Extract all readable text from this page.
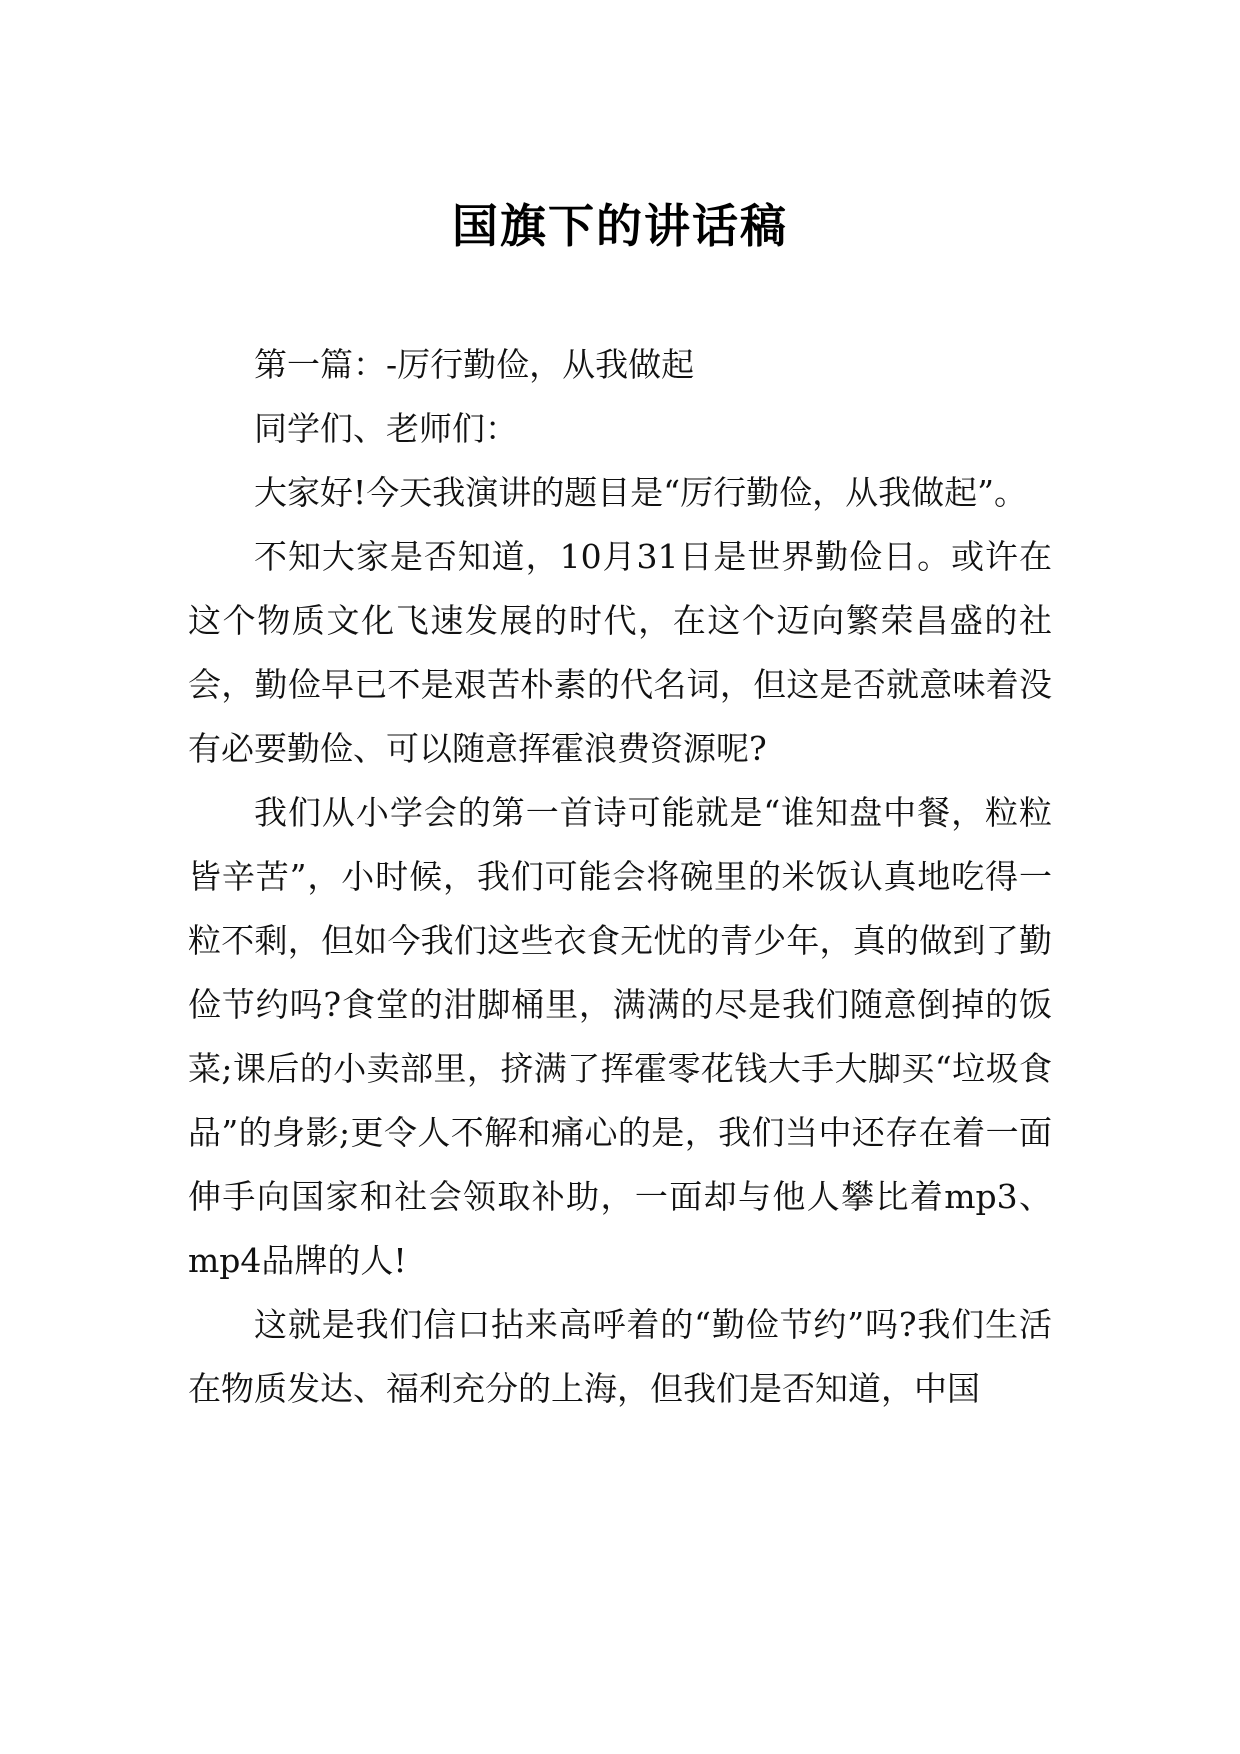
国旗下的讲话稿

第一篇：-厉行勤俭，从我做起

同学们、老师们：

大家好!今天我演讲的题目是“厉行勤俭，从我做起”。

不知大家是否知道，10月31日是世界勤俭日。或许在这个物质文化飞速发展的时代，在这个迈向繁荣昌盛的社会，勤俭早已不是艰苦朴素的代名词，但这是否就意味着没有必要勤俭、可以随意挥霍浪费资源呢?

我们从小学会的第一首诗可能就是“谁知盘中餐，粒粒皆辛苦”，小时候，我们可能会将碗里的米饭认真地吃得一粒不剩，但如今我们这些衣食无忧的青少年，真的做到了勤俭节约吗?食堂的泔脚桶里，满满的尽是我们随意倒掉的饭菜;课后的小卖部里，挤满了挥霍零花钱大手大脚买“垃圾食品”的身影;更令人不解和痛心的是，我们当中还存在着一面伸手向国家和社会领取补助，一面却与他人攀比着mp3、mp4品牌的人!

这就是我们信口拈来高呼着的“勤俭节约”吗?我们生活在物质发达、福利充分的上海，但我们是否知道，中国
